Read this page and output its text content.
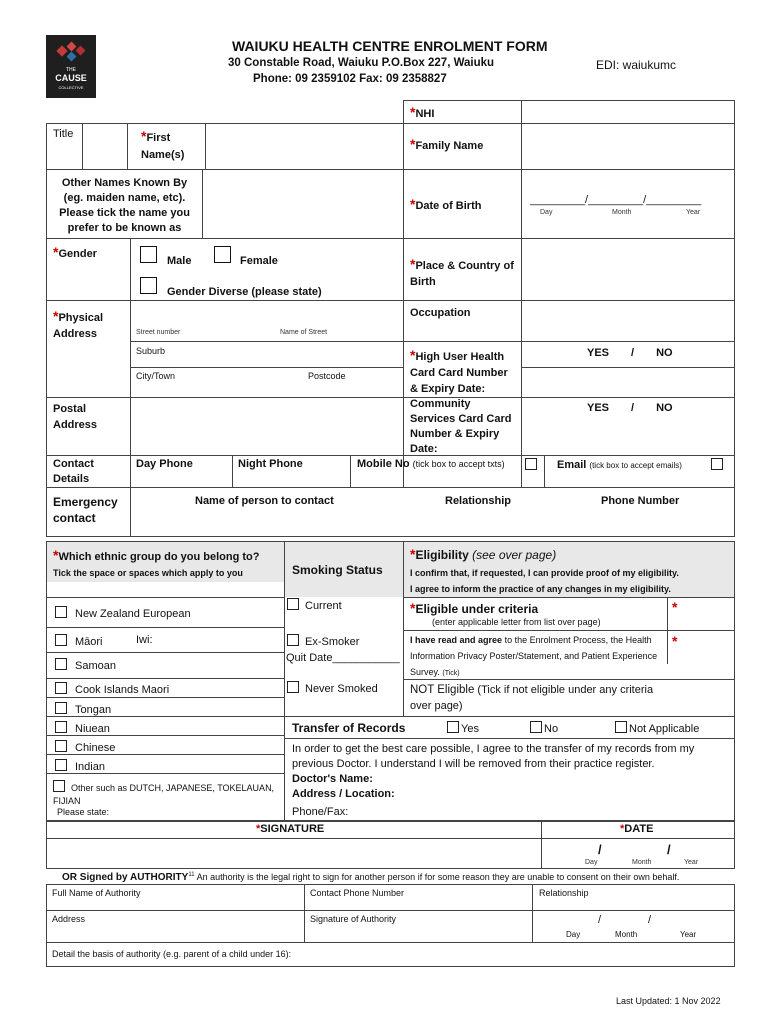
THE
CAUSE
COLLECTIVE
WAIUKU HEALTH CENTRE ENROLMENT FORM
30 Constable Road, Waiuku P.O.Box 227, Waiuku
Phone: 09 2359102 Fax: 09 2358827
EDI: waiukumc
*NHI
Title	*First Name(s)
*Family Name
Other Names Known By (eg. maiden name, etc). Please tick the name you prefer to be known as
*Date of Birth	_________/_________/_________
Day	Month	Year
*Gender
Male	Female
Gender Diverse (please state)
*Place & Country of Birth
*Physical
Address	Street number	Name of Street
Suburb
City/Town	Postcode
Occupation
*High User Health Card Card Number & Expiry Date:
YES / NO
Postal
Address
Community Services Card Card Number & Expiry Date:
YES / NO
Contact Details
Day Phone	Night Phone	Mobile No (tick box to accept txts)	Email (tick box to accept emails)
Emergency contact
Name of person to contact	Relationship	Phone Number
*Which ethnic group do you belong to?
Tick the space or spaces which apply to you
New Zealand European
Māori
Samoan
Cook Islands Maori
Tongan
Niuean
Chinese
Indian
Iwi:
Other such as DUTCH, JAPANESE, TOKELAUAN, FIJIAN
Please state:
Smoking Status
Current
Ex-Smoker
Quit Date___________
Never Smoked
*Eligibility (see over page)
I confirm that, if requested, I can provide proof of my eligibility.
I agree to inform the practice of any changes in my eligibility.
*Eligible under criteria	*
(enter applicable letter from list over page)
I have read and agree to the Enrolment Process, the Health Information Privacy Poster/Statement, and Patient Experience Survey. (Tick)
*
NOT Eligible (Tick if not eligible under any criteria over page)
Transfer of Records	Yes	No	Not Applicable
In order to get the best care possible, I agree to the transfer of my records from my previous Doctor. I understand I will be removed from their practice register.
Doctor's Name:
Address / Location:
Phone/Fax:
*SIGNATURE	*DATE
/	/
Day	Month	Year
OR Signed by AUTHORITY$^{11}$ An authority is the legal right to sign for another person if for some reason they are unable to consent on their own behalf.
Full Name of Authority	Contact Phone Number	Relationship
Address	Signature of Authority	/	/
Day	Month	Year
Detail the basis of authority (e.g. parent of a child under 16):
Last Updated: 1 Nov 2022
